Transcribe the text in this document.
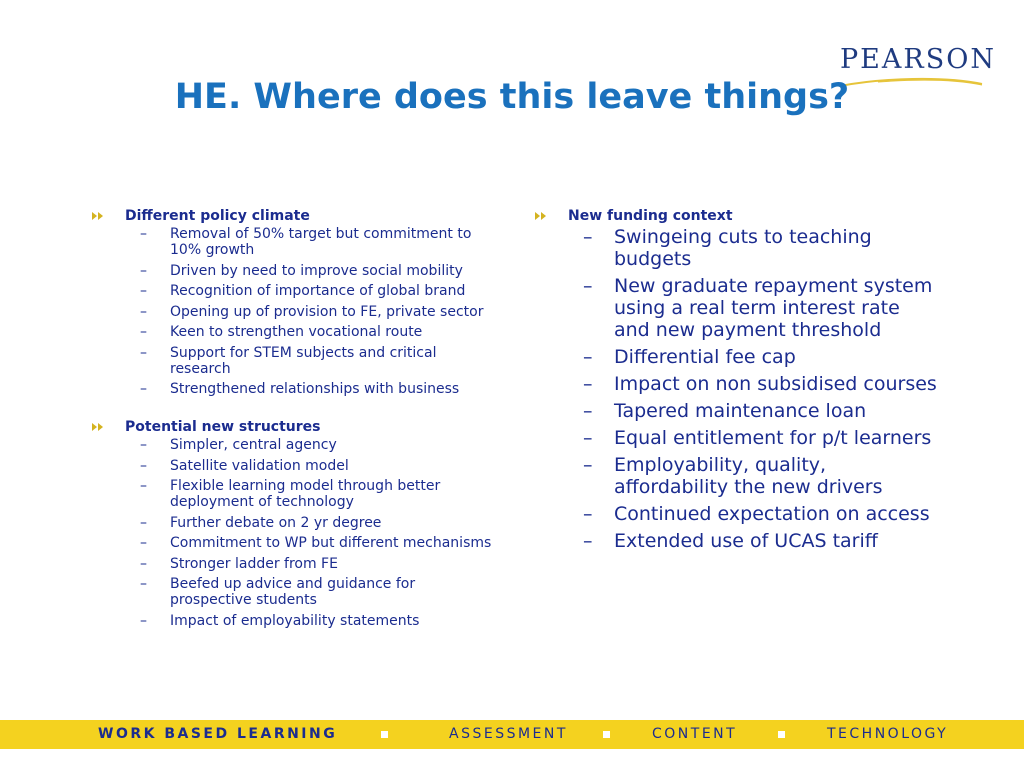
PEARSON
HE. Where does this leave things?
Different policy climate
– Removal of 50% target but commitment to 10% growth
– Driven by need to improve social mobility
– Recognition of importance of global brand
– Opening up of provision to FE, private sector
– Keen to strengthen vocational route
– Support for STEM subjects and critical research
– Strengthened relationships with business
Potential new structures
– Simpler, central agency
– Satellite validation model
– Flexible learning model through better deployment of technology
– Further debate on 2 yr degree
– Commitment to WP but different mechanisms
– Stronger ladder from FE
– Beefed up advice and guidance for prospective students
– Impact of employability statements
New funding context
– Swingeing cuts to teaching budgets
– New graduate repayment system using a real term interest rate and new payment threshold
– Differential fee cap
– Impact on non subsidised courses
– Tapered maintenance loan
– Equal entitlement for p/t learners
– Employability, quality, affordability the new drivers
– Continued expectation on access
– Extended use of UCAS tariff
WORK BASED LEARNING	ASSESSMENT	CONTENT	TECHNOLOGY
